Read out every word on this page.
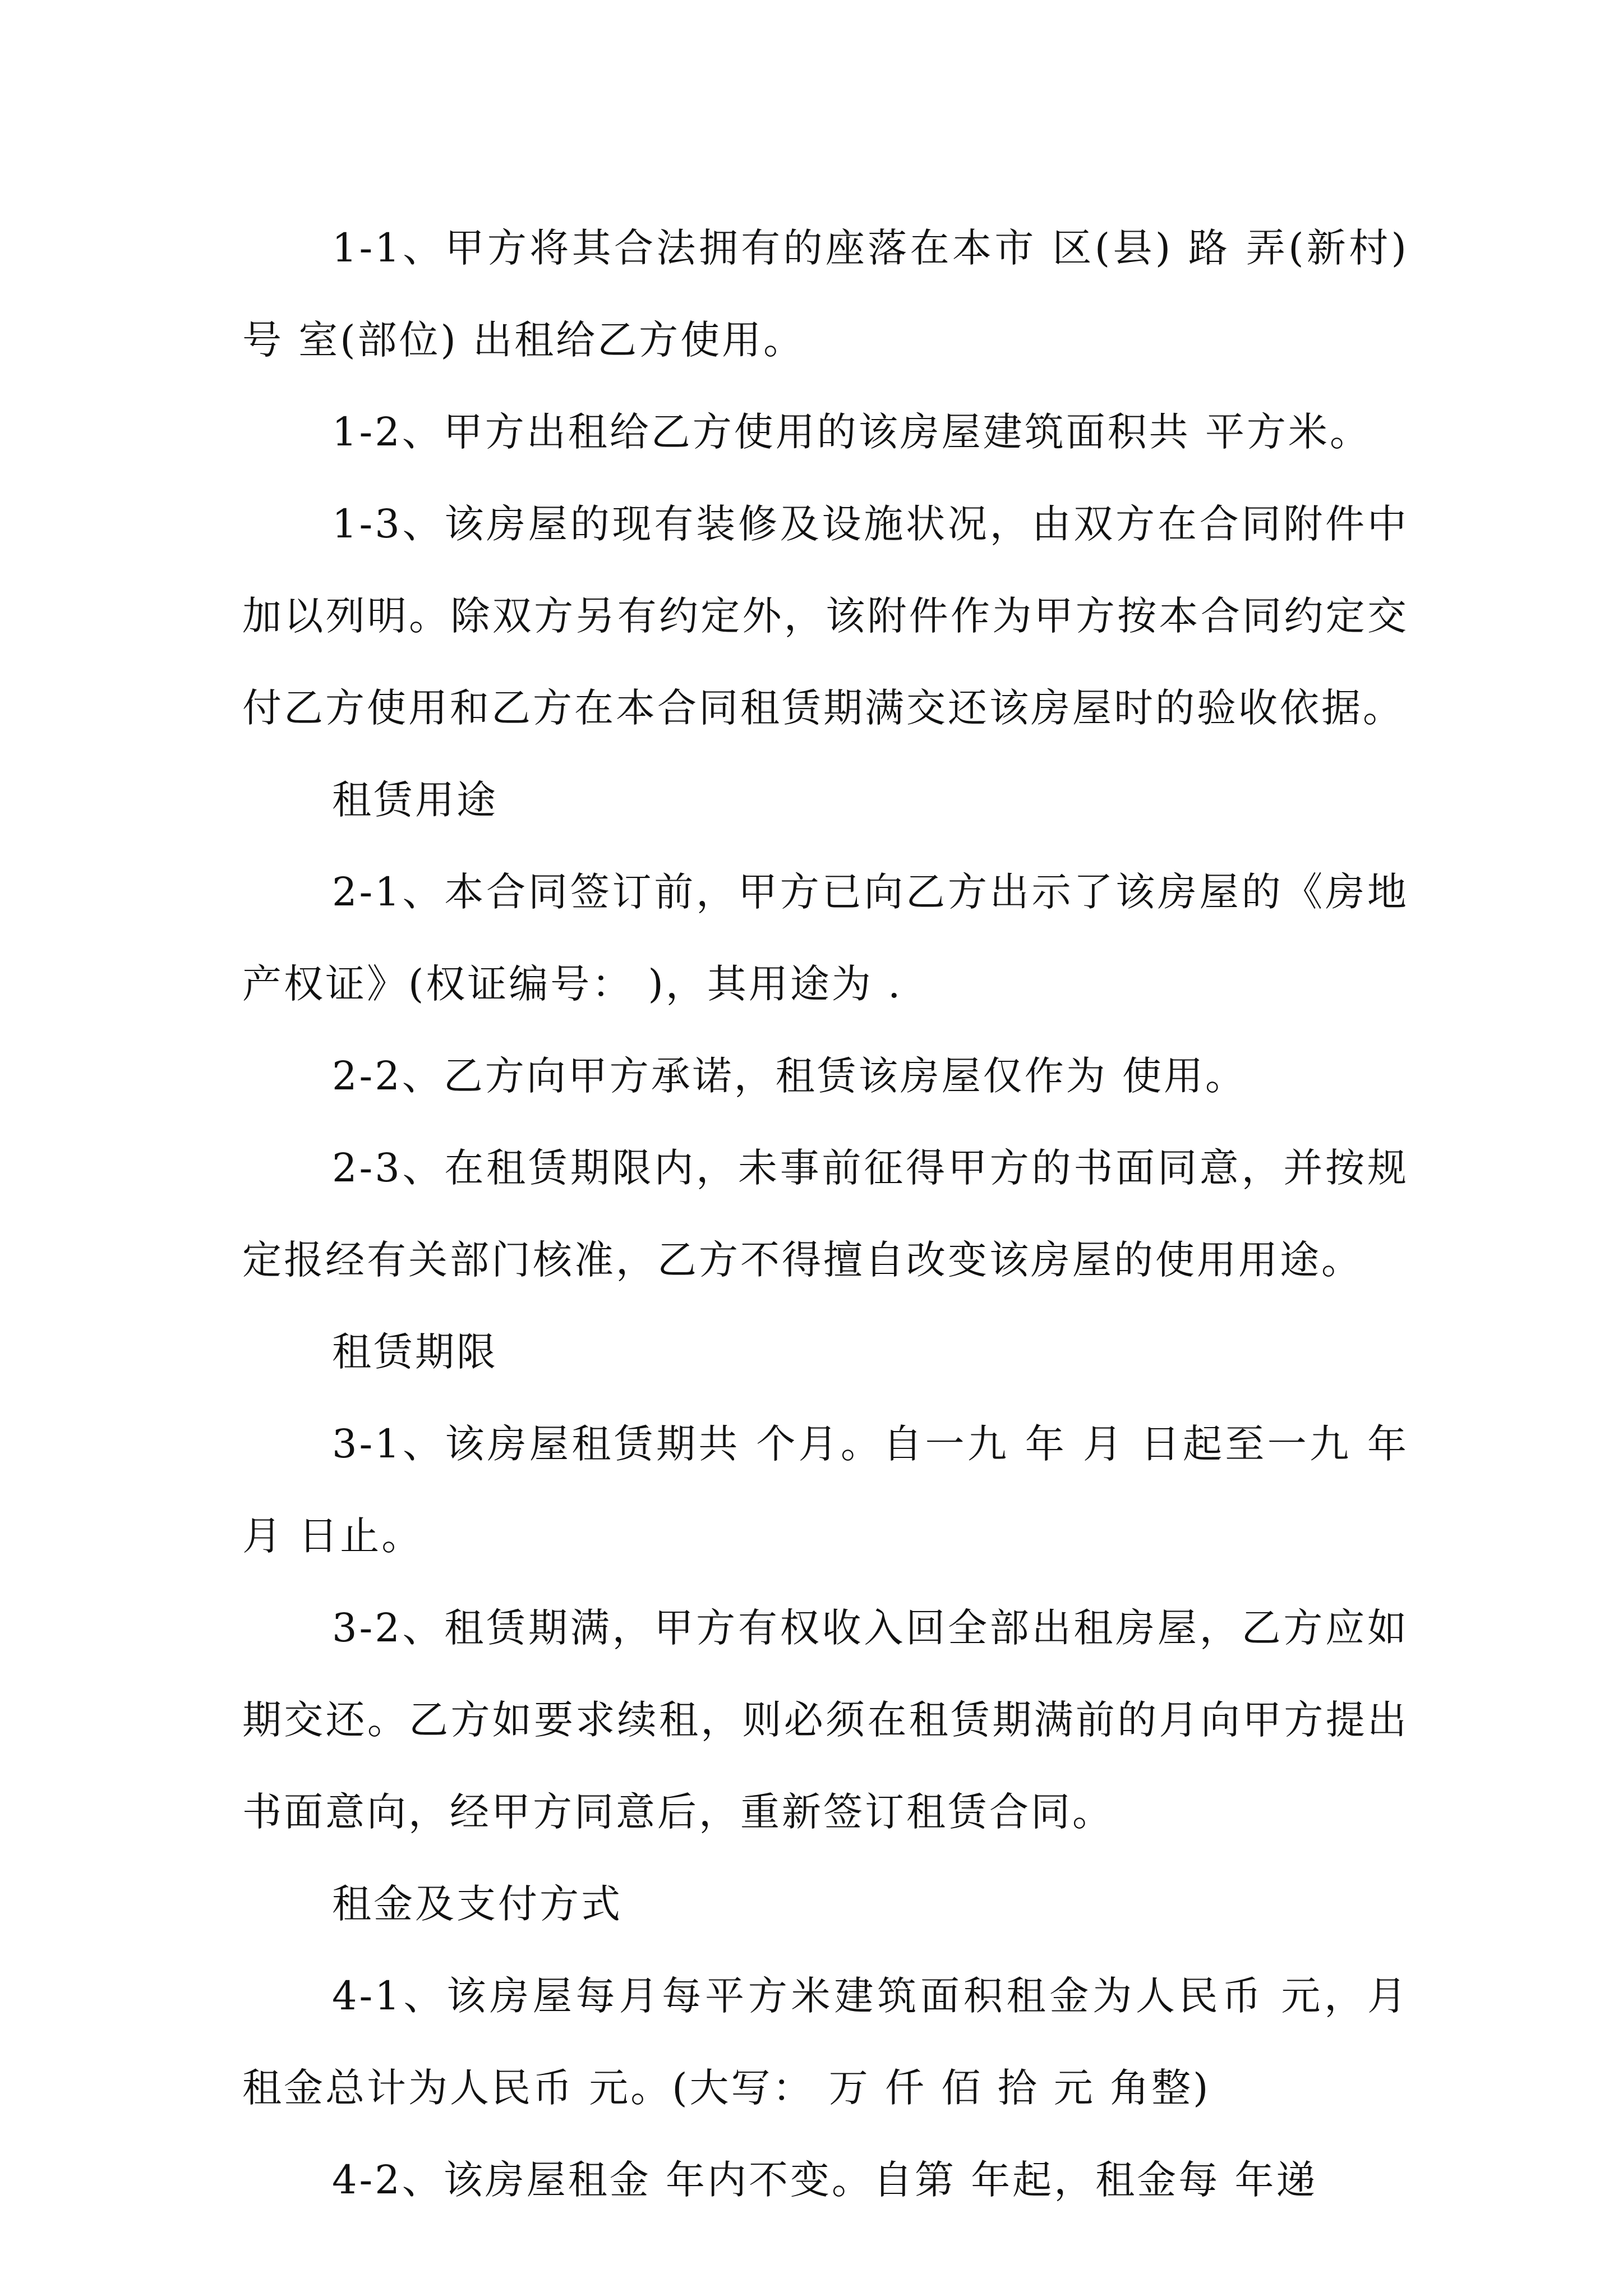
1-1、甲方将其合法拥有的座落在本市 区(县) 路 弄(新村) 号 室(部位) 出租给乙方使用。

1-2、甲方出租给乙方使用的该房屋建筑面积共 平方米。

1-3、该房屋的现有装修及设施状况，由双方在合同附件中加以列明。除双方另有约定外，该附件作为甲方按本合同约定交付乙方使用和乙方在本合同租赁期满交还该房屋时的验收依据。

租赁用途

2-1、本合同签订前，甲方已向乙方出示了该房屋的《房地产权证》(权证编号： )，其用途为 .

2-2、乙方向甲方承诺，租赁该房屋仅作为 使用。

2-3、在租赁期限内，未事前征得甲方的书面同意，并按规定报经有关部门核准，乙方不得擅自改变该房屋的使用用途。

租赁期限

3-1、该房屋租赁期共 个月。自一九 年 月 日起至一九 年 月 日止。

3-2、租赁期满，甲方有权收入回全部出租房屋，乙方应如期交还。乙方如要求续租，则必须在租赁期满前的月向甲方提出书面意向，经甲方同意后，重新签订租赁合同。

租金及支付方式

4-1、该房屋每月每平方米建筑面积租金为人民币 元，月租金总计为人民币 元。(大写： 万 仟 佰 拾 元 角整)

4-2、该房屋租金 年内不变。自第 年起，租金每 年递
